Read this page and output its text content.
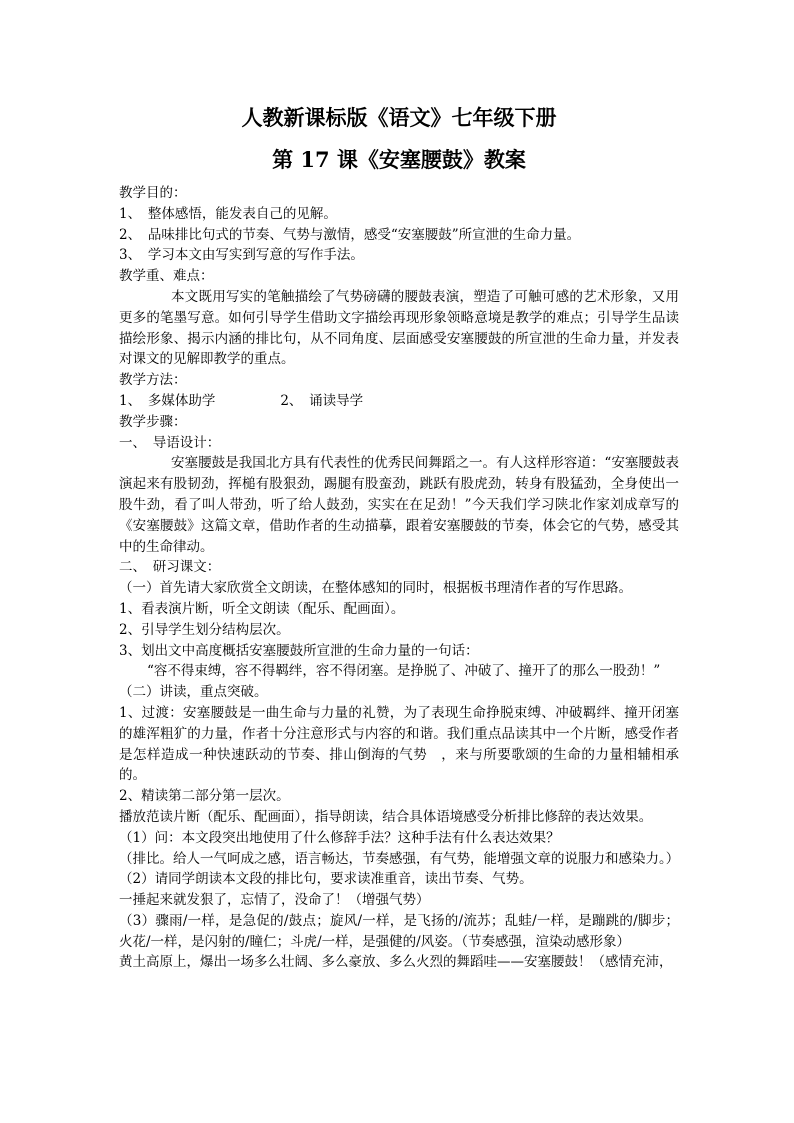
人教新课标版《语文》七年级下册
第 17 课《安塞腰鼓》教案

教学目的：

1、　整体感悟，能发表自己的见解。

2、　品味排比句式的节奏、气势与激情，感受“安塞腰鼓”所宣泄的生命力量。

3、　学习本文由写实到写意的写作手法。

教学重、难点：

本文既用写实的笔触描绘了气势磅礴的腰鼓表演，塑造了可触可感的艺术形象，又用更多的笔墨写意。如何引导学生借助文字描绘再现形象领略意境是教学的难点；引导学生品读描绘形象、揭示内涵的排比句，从不同角度、层面感受安塞腰鼓的所宣泄的生命力量，并发表对课文的见解即教学的重点。

教学方法：

1、　多媒体助学	2、　诵读导学

教学步骤：

一、　导语设计：

安塞腰鼓是我国北方具有代表性的优秀民间舞蹈之一。有人这样形容道：“安塞腰鼓表演起来有股韧劲，挥槌有股狠劲，踢腿有股蛮劲，跳跃有股虎劲，转身有股猛劲，全身使出一股牛劲，看了叫人带劲，听了给人鼓劲，实实在在足劲！”今天我们学习陕北作家刘成章写的《安塞腰鼓》这篇文章，借助作者的生动描摹，跟着安塞腰鼓的节奏，体会它的气势，感受其中的生命律动。

二、　研习课文：

（一）首先请大家欣赏全文朗读，在整体感知的同时，根据板书理清作者的写作思路。

1、看表演片断，听全文朗读（配乐、配画面）。

2、引导学生划分结构层次。

3、划出文中高度概括安塞腰鼓所宣泄的生命力量的一句话：

“容不得束缚，容不得羁绊，容不得闭塞。是挣脱了、冲破了、撞开了的那么一股劲！”

（二）讲读，重点突破。

1、过渡：安塞腰鼓是一曲生命与力量的礼赞，为了表现生命挣脱束缚、冲破羁绊、撞开闭塞的雄浑粗犷的力量，作者十分注意形式与内容的和谐。我们重点品读其中一个片断，感受作者是怎样造成一种快速跃动的节奏、排山倒海的气势　，来与所要歌颂的生命的力量相辅相承的。

2、精读第二部分第一层次。

播放范读片断（配乐、配画面），指导朗读，结合具体语境感受分析排比修辞的表达效果。

（1）问：本文段突出地使用了什么修辞手法？这种手法有什么表达效果？

（排比。给人一气呵成之感，语言畅达，节奏感强，有气势，能增强文章的说服力和感染力。）

（2）请同学朗读本文段的排比句，要求读准重音，读出节奏、气势。

一捶起来就发狠了，忘情了，没命了！（增强气势）

（3）骤雨/一样，是急促的/鼓点；旋风/一样，是飞扬的/流苏；乱蛙/一样，是蹦跳的/脚步；火花/一样，是闪射的/瞳仁；斗虎/一样，是强健的/风姿。（节奏感强，渲染动感形象）

黄土高原上，爆出一场多么壮阔、多么豪放、多么火烈的舞蹈哇——安塞腰鼓！（感情充沛，
